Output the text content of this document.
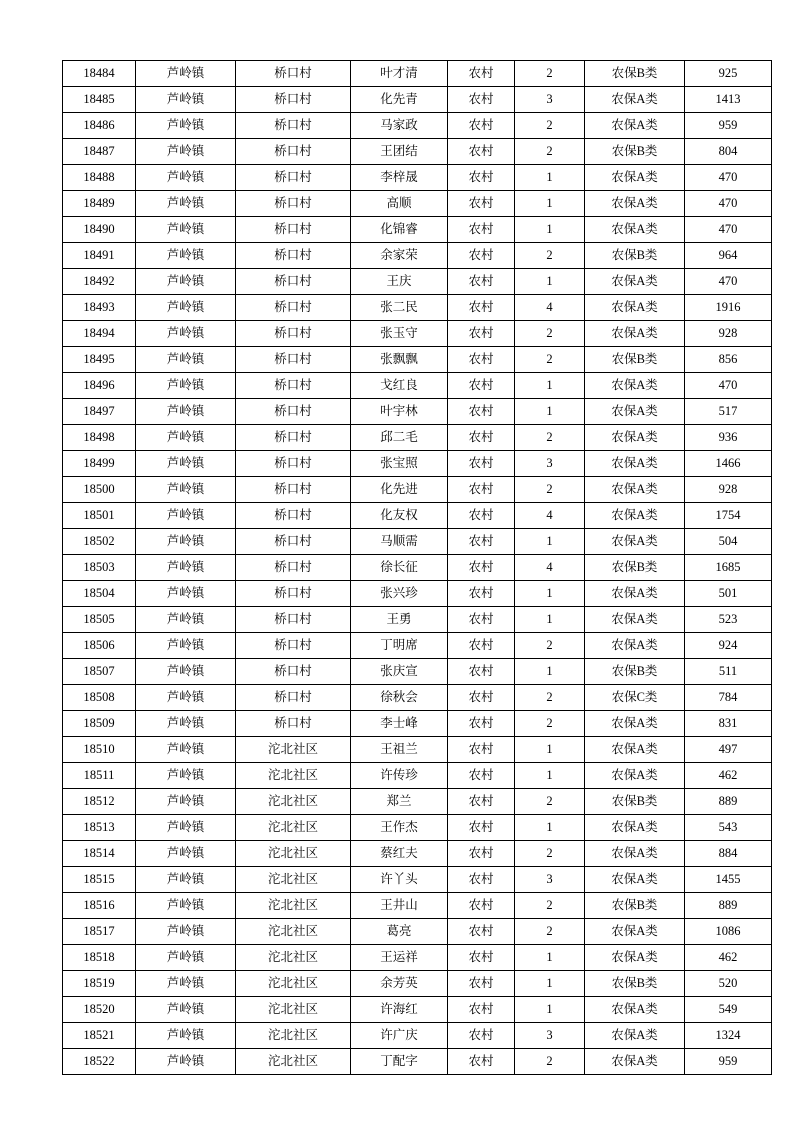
18484	芦岭镇	桥口村	叶才清	农村	2	农保B类	925
18485	芦岭镇	桥口村	化先青	农村	3	农保A类	1413
18486	芦岭镇	桥口村	马家政	农村	2	农保A类	959
18487	芦岭镇	桥口村	王团结	农村	2	农保B类	804
18488	芦岭镇	桥口村	李梓晟	农村	1	农保A类	470
18489	芦岭镇	桥口村	高顺	农村	1	农保A类	470
18490	芦岭镇	桥口村	化锦睿	农村	1	农保A类	470
18491	芦岭镇	桥口村	余家荣	农村	2	农保B类	964
18492	芦岭镇	桥口村	王庆	农村	1	农保A类	470
18493	芦岭镇	桥口村	张二民	农村	4	农保A类	1916
18494	芦岭镇	桥口村	张玉守	农村	2	农保A类	928
18495	芦岭镇	桥口村	张飘飘	农村	2	农保B类	856
18496	芦岭镇	桥口村	戈红良	农村	1	农保A类	470
18497	芦岭镇	桥口村	叶宇林	农村	1	农保A类	517
18498	芦岭镇	桥口村	邱二毛	农村	2	农保A类	936
18499	芦岭镇	桥口村	张宝照	农村	3	农保A类	1466
18500	芦岭镇	桥口村	化先进	农村	2	农保A类	928
18501	芦岭镇	桥口村	化友权	农村	4	农保A类	1754
18502	芦岭镇	桥口村	马顺需	农村	1	农保A类	504
18503	芦岭镇	桥口村	徐长征	农村	4	农保B类	1685
18504	芦岭镇	桥口村	张兴珍	农村	1	农保A类	501
18505	芦岭镇	桥口村	王勇	农村	1	农保A类	523
18506	芦岭镇	桥口村	丁明席	农村	2	农保A类	924
18507	芦岭镇	桥口村	张庆宣	农村	1	农保B类	511
18508	芦岭镇	桥口村	徐秋会	农村	2	农保C类	784
18509	芦岭镇	桥口村	李士峰	农村	2	农保A类	831
18510	芦岭镇	沱北社区	王祖兰	农村	1	农保A类	497
18511	芦岭镇	沱北社区	许传珍	农村	1	农保A类	462
18512	芦岭镇	沱北社区	郑兰	农村	2	农保B类	889
18513	芦岭镇	沱北社区	王作杰	农村	1	农保A类	543
18514	芦岭镇	沱北社区	蔡红夫	农村	2	农保A类	884
18515	芦岭镇	沱北社区	许丫头	农村	3	农保A类	1455
18516	芦岭镇	沱北社区	王井山	农村	2	农保B类	889
18517	芦岭镇	沱北社区	葛亮	农村	2	农保A类	1086
18518	芦岭镇	沱北社区	王运祥	农村	1	农保A类	462
18519	芦岭镇	沱北社区	余芳英	农村	1	农保B类	520
18520	芦岭镇	沱北社区	许海红	农村	1	农保A类	549
18521	芦岭镇	沱北社区	许广庆	农村	3	农保A类	1324
18522	芦岭镇	沱北社区	丁配字	农村	2	农保A类	959
